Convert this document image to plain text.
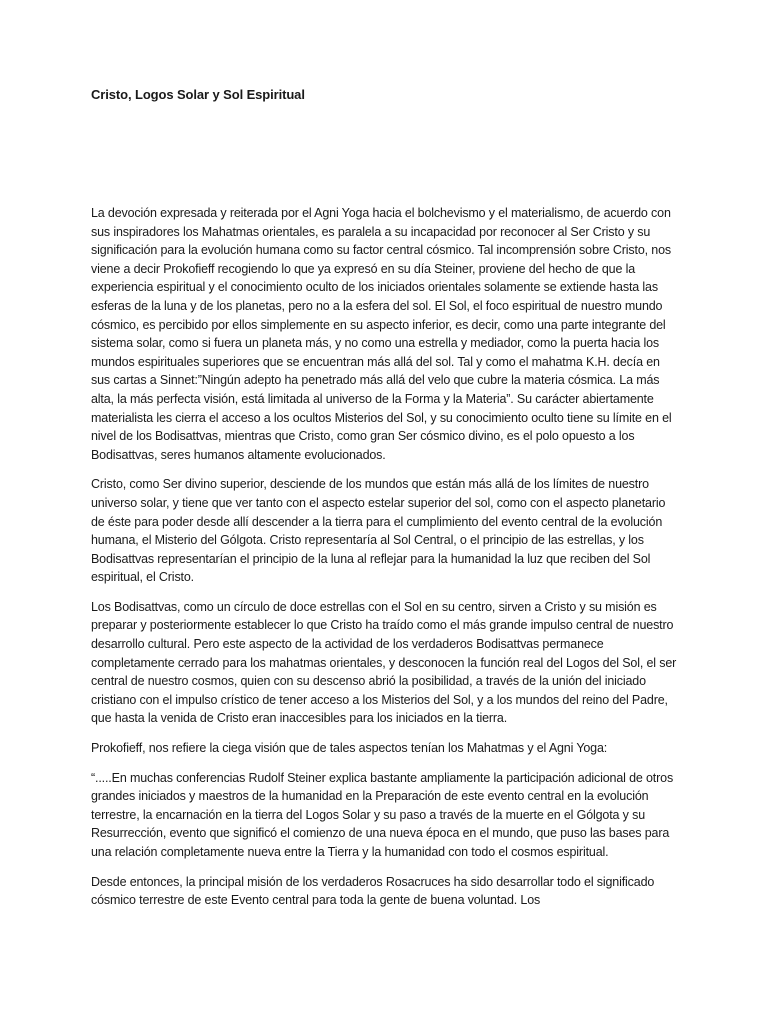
Cristo, Logos Solar y Sol Espiritual

La devoción expresada y reiterada por el Agni Yoga hacia el bolchevismo y el materialismo, de acuerdo con sus inspiradores los Mahatmas orientales, es paralela a su incapacidad por reconocer al Ser Cristo y su significación para la evolución humana como su factor central cósmico. Tal incomprensión sobre Cristo, nos viene a decir Prokofieff recogiendo lo que ya expresó en su día Steiner, proviene del hecho de que la experiencia espiritual y el conocimiento oculto de los iniciados orientales solamente se extiende hasta las esferas de la luna y de los planetas, pero no a la esfera del sol. El Sol, el foco espiritual de nuestro mundo cósmico, es percibido por ellos simplemente en su aspecto inferior, es decir, como una parte integrante del sistema solar, como si fuera un planeta más, y no como una estrella y mediador, como la puerta hacia los mundos espirituales superiores que se encuentran más allá del sol. Tal y como el mahatma K.H. decía en sus cartas a Sinnet:”Ningún adepto ha penetrado más allá del velo que cubre la materia cósmica. La más alta, la más perfecta visión, está limitada al universo de la Forma y la Materia”. Su carácter abiertamente materialista les cierra el acceso a los ocultos Misterios del Sol, y su conocimiento oculto tiene su límite en el nivel de los Bodisattvas, mientras que Cristo, como gran Ser cósmico divino, es el polo opuesto a los Bodisattvas, seres humanos altamente evolucionados.

Cristo, como Ser divino superior, desciende de los mundos que están más allá de los límites de nuestro universo solar, y tiene que ver tanto con el aspecto estelar superior del sol, como con el aspecto planetario de éste para poder desde allí descender a la tierra para el cumplimiento del evento central de la evolución humana, el Misterio del Gólgota. Cristo representaría al Sol Central, o el principio de las estrellas, y los Bodisattvas representarían el principio de la luna al reflejar para la humanidad la luz que reciben del Sol espiritual, el Cristo.

Los Bodisattvas, como un círculo de doce estrellas con el Sol en su centro, sirven a Cristo y su misión es preparar y posteriormente establecer lo que Cristo ha traído como el más grande impulso central de nuestro desarrollo cultural. Pero este aspecto de la actividad de los verdaderos Bodisattvas permanece completamente cerrado para los mahatmas orientales, y desconocen la función real del Logos del Sol, el ser central de nuestro cosmos, quien con su descenso abrió la posibilidad, a través de la unión del iniciado cristiano con el impulso crístico de tener acceso a los Misterios del Sol, y a los mundos del reino del Padre, que hasta la venida de Cristo eran inaccesibles para los iniciados en la tierra.

Prokofieff, nos refiere la ciega visión que de tales aspectos tenían los Mahatmas y el Agni Yoga:

“.....En muchas conferencias Rudolf Steiner explica bastante ampliamente la participación adicional de otros grandes iniciados y maestros de la humanidad en la Preparación de este evento central en la evolución terrestre, la encarnación en la tierra del Logos Solar y su paso a través de la muerte en el Gólgota y su Resurrección, evento que significó el comienzo de una nueva época en el mundo, que puso las bases para una relación completamente nueva entre la Tierra y la humanidad con todo el cosmos espiritual.

Desde entonces, la principal misión de los verdaderos Rosacruces ha sido desarrollar todo el significado cósmico terrestre de este Evento central para toda la gente de buena voluntad. Los
